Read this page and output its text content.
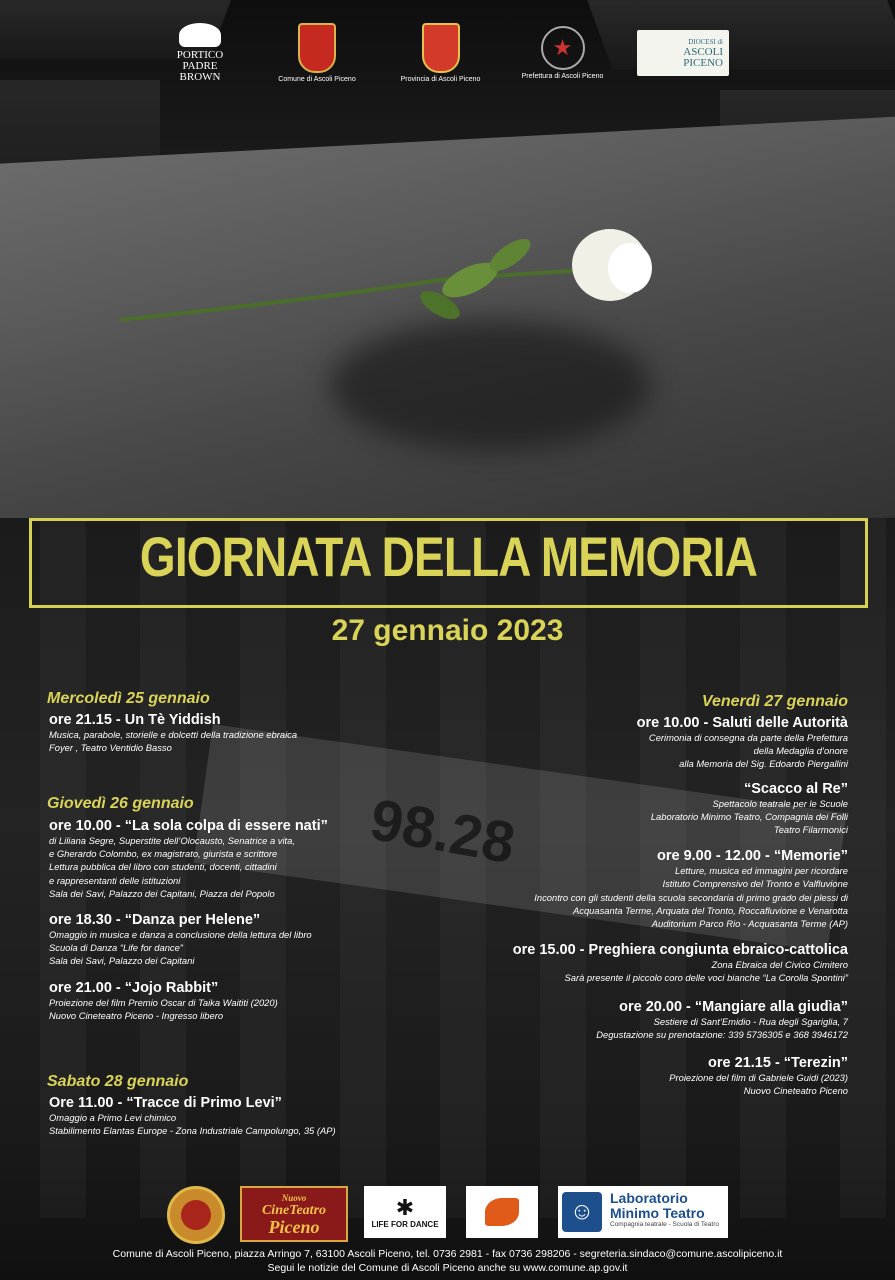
PORTICO PADRE BROWN	Comune di Ascoli Piceno	Provincia di Ascoli Piceno
★
Prefettura di Ascoli Piceno
DIOCESI di
ASCOLI
PICENO
98.28
GIORNATA DELLA MEMORIA
27 gennaio 2023
Mercoledì 25 gennaio
ore 21.15 - Un Tè Yiddish
Musica, parabole, storielle e dolcetti della tradizione ebraica
Foyer , Teatro Ventidio Basso
Giovedì 26 gennaio
ore 10.00 - “La sola colpa di essere nati”
di Liliana Segre, Superstite dell’Olocausto, Senatrice a vita,
e Gherardo Colombo, ex magistrato, giurista e scrittore
Lettura pubblica del libro con studenti, docenti, cittadini
e rappresentanti delle istituzioni
Sala dei Savi, Palazzo dei Capitani, Piazza del Popolo
ore 18.30 - “Danza per Helene”
Omaggio in musica e danza a conclusione della lettura del libro
Scuola di Danza “Life for dance”
Sala dei Savi, Palazzo dei Capitani
ore 21.00 - “Jojo Rabbit”
Proiezione del film Premio Oscar di Taika Waititi (2020)
Nuovo Cineteatro Piceno - Ingresso libero
Sabato 28 gennaio
Ore 11.00 - “Tracce di Primo Levi”
Omaggio a Primo Levi chimico
Stabilimento Elantas Europe - Zona Industriale Campolungo, 35 (AP)
Venerdì 27 gennaio
ore 10.00 - Saluti delle Autorità
Cerimonia di consegna da parte della Prefettura
della Medaglia d’onore
alla Memoria del Sig. Edoardo Piergallini
“Scacco al Re”
Spettacolo teatrale per le Scuole
Laboratorio Minimo Teatro, Compagnia dei Folli
Teatro Filarmonici
ore 9.00 - 12.00 - “Memorie”
Letture, musica ed immagini per ricordare
Istituto Comprensivo del Tronto e Valfluvione
Incontro con gli studenti della scuola secondaria di primo grado dei plessi di
Acquasanta Terme, Arquata del Tronto, Roccafluvione e Venarotta
Auditorium Parco Rio - Acquasanta Terme (AP)
ore 15.00 - Preghiera congiunta ebraico-cattolica
Zona Ebraica del Civico Cimitero
Sarà presente il piccolo coro delle voci bianche “La Corolla Spontini”
ore 20.00 - “Mangiare alla giudìa”
Sestiere di Sant’Emidio - Rua degli Sgariglia, 7
Degustazione su prenotazione: 339 5736305 e 368 3946172
ore 21.15 - “Terezin”
Proiezione del film di Gabriele Guidi (2023)
Nuovo Cineteatro Piceno
Nuovo
CineTeatro
Piceno
✱
LIFE FOR DANCE	☺	Laboratorio
Minimo Teatro
Compagnia teatrale - Scuola di Teatro
Comune di Ascoli Piceno, piazza Arringo 7, 63100 Ascoli Piceno, tel. 0736 2981 - fax 0736 298206 - segreteria.sindaco@comune.ascolipiceno.it
Segui le notizie del Comune di Ascoli Piceno anche su www.comune.ap.gov.it
